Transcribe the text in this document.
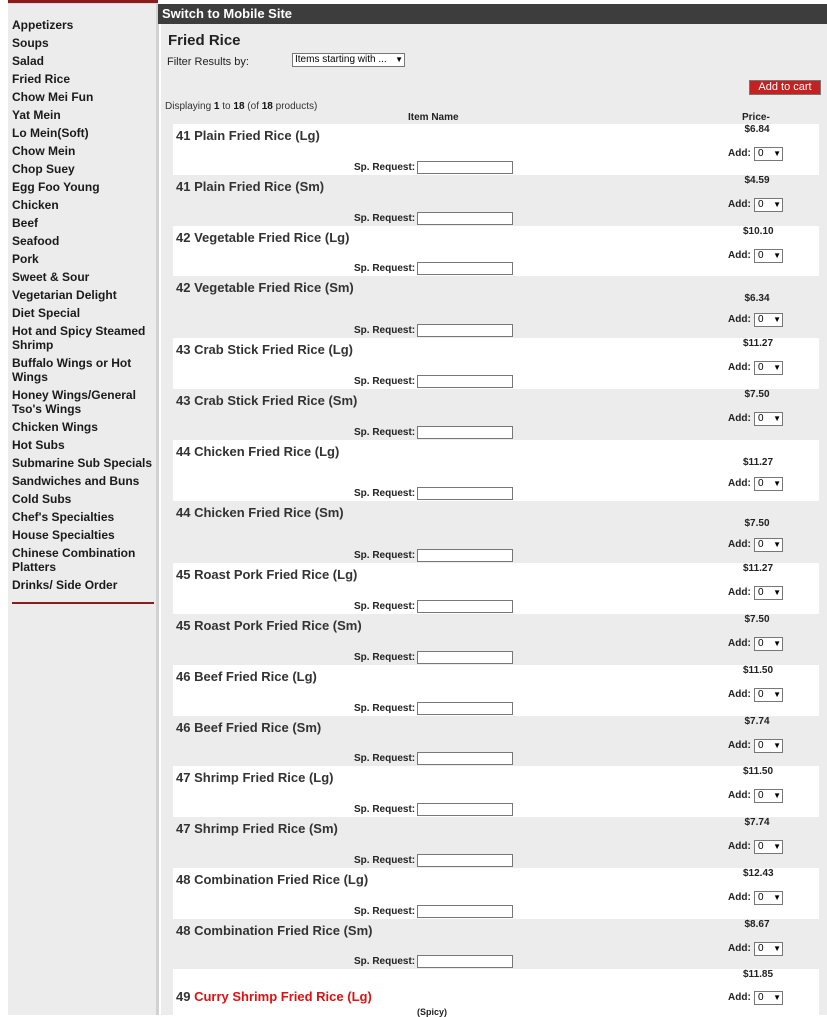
Appetizers
Soups
Salad
Fried Rice
Chow Mei Fun
Yat Mein
Lo Mein(Soft)
Chow Mein
Chop Suey
Egg Foo Young
Chicken
Beef
Seafood
Pork
Sweet & Sour
Vegetarian Delight
Diet Special
Hot and Spicy Steamed Shrimp
Buffalo Wings or Hot Wings
Honey Wings/General Tso's Wings
Chicken Wings
Hot Subs
Submarine Sub Specials
Sandwiches and Buns
Cold Subs
Chef's Specialties
House Specialties
Chinese Combination Platters
Drinks/ Side Order
Switch to Mobile Site
Fried Rice
Filter Results by:	Items starting with ... ▼
Add to cart
Displaying 1 to 18 (of 18 products)
Item Name	Price-
41 Plain Fried Rice (Lg)	$6.84
Add: 0 ▼
Sp. Request:
41 Plain Fried Rice (Sm)	$4.59
Add: 0 ▼
Sp. Request:
42 Vegetable Fried Rice (Lg)	$10.10
Add: 0 ▼
Sp. Request:
42 Vegetable Fried Rice (Sm)
$6.34
Add: 0 ▼
Sp. Request:
43 Crab Stick Fried Rice (Lg)	$11.27
Add: 0 ▼
Sp. Request:
43 Crab Stick Fried Rice (Sm)	$7.50
Add: 0 ▼
Sp. Request:
44 Chicken Fried Rice (Lg)
$11.27
Add: 0 ▼
Sp. Request:
44 Chicken Fried Rice (Sm)
$7.50
Add: 0 ▼
Sp. Request:
45 Roast Pork Fried Rice (Lg)	$11.27
Add: 0 ▼
Sp. Request:
45 Roast Pork Fried Rice (Sm)	$7.50
Add: 0 ▼
Sp. Request:
46 Beef Fried Rice (Lg)	$11.50
Add: 0 ▼
Sp. Request:
46 Beef Fried Rice (Sm)	$7.74
Add: 0 ▼
Sp. Request:
47 Shrimp Fried Rice (Lg)	$11.50
Add: 0 ▼
Sp. Request:
47 Shrimp Fried Rice (Sm)	$7.74
Add: 0 ▼
Sp. Request:
48 Combination Fried Rice (Lg)	$12.43
Add: 0 ▼
Sp. Request:
48 Combination Fried Rice (Sm)	$8.67
Add: 0 ▼
Sp. Request:
49 Curry Shrimp Fried Rice (Lg)
$11.85
Add: 0 ▼
(Spicy)
